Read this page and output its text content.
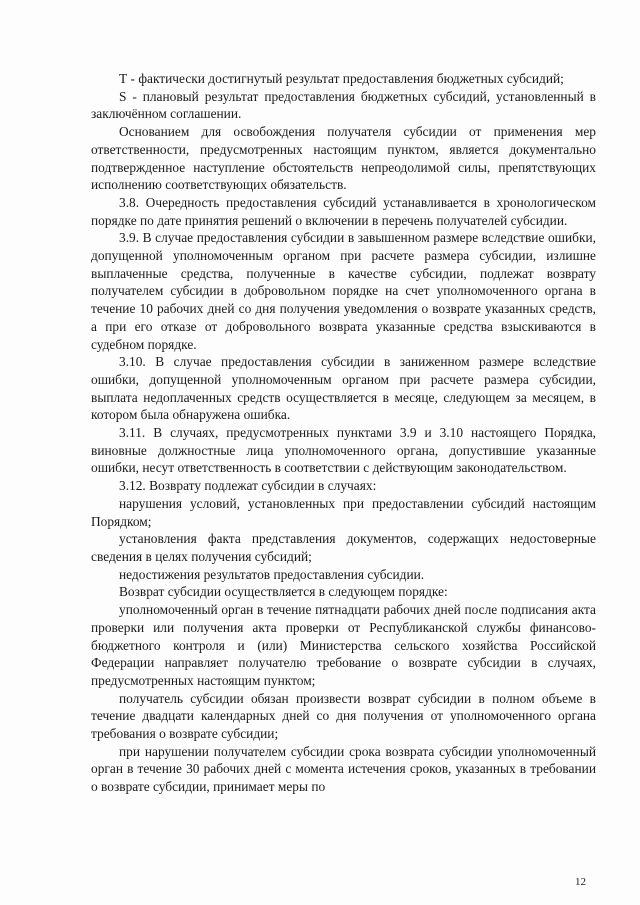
Т - фактически достигнутый результат предоставления бюджетных субсидий;

S - плановый результат предоставления бюджетных субсидий, установленный в заключённом соглашении.

Основанием для освобождения получателя субсидии от применения мер ответственности, предусмотренных настоящим пунктом, является документально подтвержденное наступление обстоятельств непреодолимой силы, препятствующих исполнению соответствующих обязательств.

3.8. Очередность предоставления субсидий устанавливается в хронологическом порядке по дате принятия решений о включении в перечень получателей субсидии.

3.9. В случае предоставления субсидии в завышенном размере вследствие ошибки, допущенной уполномоченным органом при расчете размера субсидии, излишне выплаченные средства, полученные в качестве субсидии, подлежат возврату получателем субсидии в добровольном порядке на счет уполномоченного органа в течение 10 рабочих дней со дня получения уведомления о возврате указанных средств, а при его отказе от добровольного возврата указанные средства взыскиваются в судебном порядке.

3.10. В случае предоставления субсидии в заниженном размере вследствие ошибки, допущенной уполномоченным органом при расчете размера субсидии, выплата недоплаченных средств осуществляется в месяце, следующем за месяцем, в котором была обнаружена ошибка.

3.11. В случаях, предусмотренных пунктами 3.9 и 3.10 настоящего Порядка, виновные должностные лица уполномоченного органа, допустившие указанные ошибки, несут ответственность в соответствии с действующим законодательством.

3.12. Возврату подлежат субсидии в случаях:

нарушения условий, установленных при предоставлении субсидий настоящим Порядком;

установления факта представления документов, содержащих недостоверные сведения в целях получения субсидий;

недостижения результатов предоставления субсидии.

Возврат субсидии осуществляется в следующем порядке:

уполномоченный орган в течение пятнадцати рабочих дней после подписания акта проверки или получения акта проверки от Республиканской службы финансово-бюджетного контроля и (или) Министерства сельского хозяйства Российской Федерации направляет получателю требование о возврате субсидии в случаях, предусмотренных настоящим пунктом;

получатель субсидии обязан произвести возврат субсидии в полном объеме в течение двадцати календарных дней со дня получения от уполномоченного органа требования о возврате субсидии;

при нарушении получателем субсидии срока возврата субсидии уполномоченный орган в течение 30 рабочих дней с момента истечения сроков, указанных в требовании о возврате субсидии, принимает меры по

12
